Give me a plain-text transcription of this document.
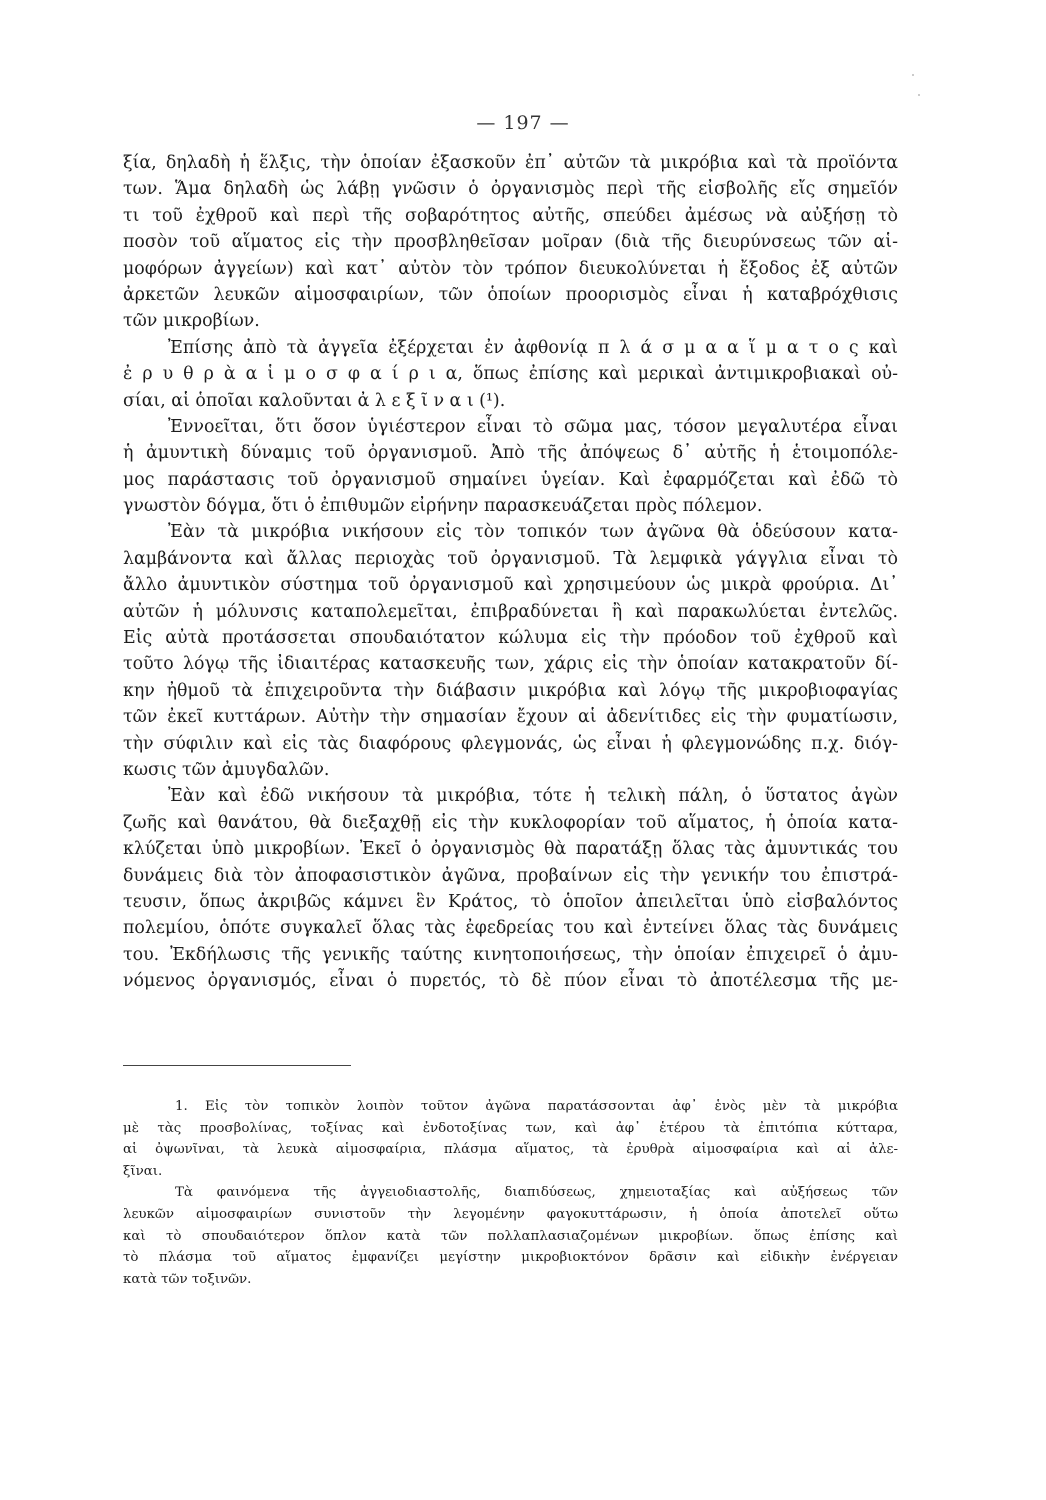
— 197 —
ξία, δηλαδὴ ἡ ἕλξις, τὴν ὁποίαν ἐξασκοῦν ἐπ᾽ αὐτῶν τὰ μικρόβια καὶ τὰ προϊόντα
των. Ἅμα δηλαδὴ ὡς λάβῃ γνῶσιν ὁ ὀργανισμὸς περὶ τῆς εἰσβολῆς εἴς σημεῖόν
τι τοῦ ἐχθροῦ καὶ περὶ τῆς σοβαρότητος αὐτῆς, σπεύδει ἀμέσως νὰ αὐξήσῃ τὸ
ποσὸν τοῦ αἵματος εἰς τὴν προσβληθεῖσαν μοῖραν (διὰ τῆς διευρύνσεως τῶν αἱ-
μοφόρων ἀγγείων) καὶ κατ᾽ αὐτὸν τὸν τρόπον διευκολύνεται ἡ ἔξοδος ἐξ αὐτῶν
ἀρκετῶν λευκῶν αἱμοσφαιρίων, τῶν ὁποίων προορισμὸς εἶναι ἡ καταβρόχθισις
τῶν μικροβίων.
Ἐπίσης ἀπὸ τὰ ἀγγεῖα ἐξέρχεται ἐν ἀφθονίᾳ π λ ά σ μ α α ἵ μ α τ ο ς καὶ
ἐ ρ υ θ ρ ὰ α ἱ μ ο σ φ α ί ρ ι α, ὅπως ἐπίσης καὶ μερικαὶ ἀντιμικροβιακαὶ οὐ-
σίαι, αἱ ὁποῖαι καλοῦνται ἀ λ ε ξ ῖ ν α ι (¹).
Ἐννοεῖται, ὅτι ὅσον ὑγιέστερον εἶναι τὸ σῶμα μας, τόσον μεγαλυτέρα εἶναι
ἡ ἀμυντικὴ δύναμις τοῦ ὀργανισμοῦ. Ἀπὸ τῆς ἀπόψεως δ᾽ αὐτῆς ἡ ἑτοιμοπόλε-
μος παράστασις τοῦ ὀργανισμοῦ σημαίνει ὑγείαν. Καὶ ἐφαρμόζεται καὶ ἐδῶ τὸ
γνωστὸν δόγμα, ὅτι ὁ ἐπιθυμῶν εἰρήνην παρασκευάζεται πρὸς πόλεμον.
Ἐὰν τὰ μικρόβια νικήσουν εἰς τὸν τοπικόν των ἀγῶνα θὰ ὁδεύσουν κατα-
λαμβάνοντα καὶ ἄλλας περιοχὰς τοῦ ὀργανισμοῦ. Τὰ λεμφικὰ γάγγλια εἶναι τὸ
ἄλλο ἀμυντικὸν σύστημα τοῦ ὀργανισμοῦ καὶ χρησιμεύουν ὡς μικρὰ φρούρια. Δι᾽
αὐτῶν ἡ μόλυνσις καταπολεμεῖται, ἐπιβραδύνεται ἢ καὶ παρακωλύεται ἐντελῶς.
Εἰς αὐτὰ προτάσσεται σπουδαιότατον κώλυμα εἰς τὴν πρόοδον τοῦ ἐχθροῦ καὶ
τοῦτο λόγῳ τῆς ἰδιαιτέρας κατασκευῆς των, χάρις εἰς τὴν ὁποίαν κατακρατοῦν δί-
κην ἠθμοῦ τὰ ἐπιχειροῦντα τὴν διάβασιν μικρόβια καὶ λόγῳ τῆς μικροβιοφαγίας
τῶν ἐκεῖ κυττάρων. Αὐτὴν τὴν σημασίαν ἔχουν αἱ ἀδενίτιδες εἰς τὴν φυματίωσιν,
τὴν σύφιλιν καὶ εἰς τὰς διαφόρους φλεγμονάς, ὡς εἶναι ἡ φλεγμονώδης π.χ. διόγ-
κωσις τῶν ἀμυγδαλῶν.
Ἐὰν καὶ ἐδῶ νικήσουν τὰ μικρόβια, τότε ἡ τελικὴ πάλη, ὁ ὕστατος ἀγὼν
ζωῆς καὶ θανάτου, θὰ διεξαχθῇ εἰς τὴν κυκλοφορίαν τοῦ αἵματος, ἡ ὁποία κατα-
κλύζεται ὑπὸ μικροβίων. Ἐκεῖ ὁ ὀργανισμὸς θὰ παρατάξῃ ὅλας τὰς ἀμυντικάς του
δυνάμεις διὰ τὸν ἀποφασιστικὸν ἀγῶνα, προβαίνων εἰς τὴν γενικήν του ἐπιστρά-
τευσιν, ὅπως ἀκριβῶς κάμνει ἓν Κράτος, τὸ ὁποῖον ἀπειλεῖται ὑπὸ εἰσβαλόντος
πολεμίου, ὁπότε συγκαλεῖ ὅλας τὰς ἐφεδρείας του καὶ ἐντείνει ὅλας τὰς δυνάμεις
του. Ἐκδήλωσις τῆς γενικῆς ταύτης κινητοποιήσεως, τὴν ὁποίαν ἐπιχειρεῖ ὁ ἀμυ-
νόμενος ὀργανισμός, εἶναι ὁ πυρετός, τὸ δὲ πύον εἶναι τὸ ἀποτέλεσμα τῆς με-
1. Εἰς τὸν τοπικὸν λοιπὸν τοῦτον ἀγῶνα παρατάσσονται ἀφ᾽ ἑνὸς μὲν τὰ μικρόβια
μὲ τὰς προσβολίνας, τοξίνας καὶ ἐνδοτοξίνας των, καὶ ἀφ᾽ ἑτέρου τὰ ἐπιτόπια κύτταρα,
αἱ ὀψωνῖναι, τὰ λευκὰ αἱμοσφαίρια, πλάσμα αἵματος, τὰ ἐρυθρὰ αἱμοσφαίρια καὶ αἱ ἀλε-
ξῖναι.
Τὰ φαινόμενα τῆς ἀγγειοδιαστολῆς, διαπιδύσεως, χημειοταξίας καὶ αὐξήσεως τῶν
λευκῶν αἱμοσφαιρίων συνιστοῦν τὴν λεγομένην φαγοκυττάρωσιν, ἡ ὁποία ἀποτελεῖ οὕτω
καὶ τὸ σπουδαιότερον ὅπλον κατὰ τῶν πολλαπλασιαζομένων μικροβίων. ὅπως ἐπίσης καὶ
τὸ πλάσμα τοῦ αἵματος ἐμφανίζει μεγίστην μικροβιοκτόνον δρᾶσιν καὶ εἰδικὴν ἐνέργειαν
κατὰ τῶν τοξινῶν.
